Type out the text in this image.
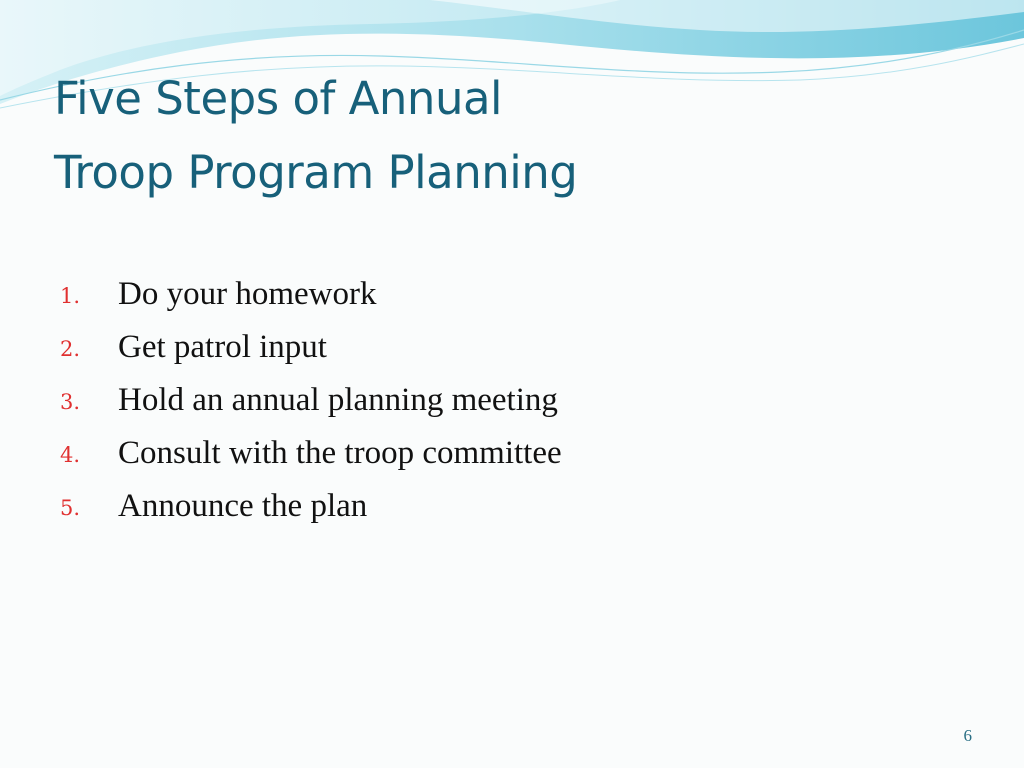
Five Steps of Annual
Troop Program Planning
1. Do your homework
2. Get patrol input
3. Hold an annual planning meeting
4. Consult with the troop committee
5. Announce the plan
6
